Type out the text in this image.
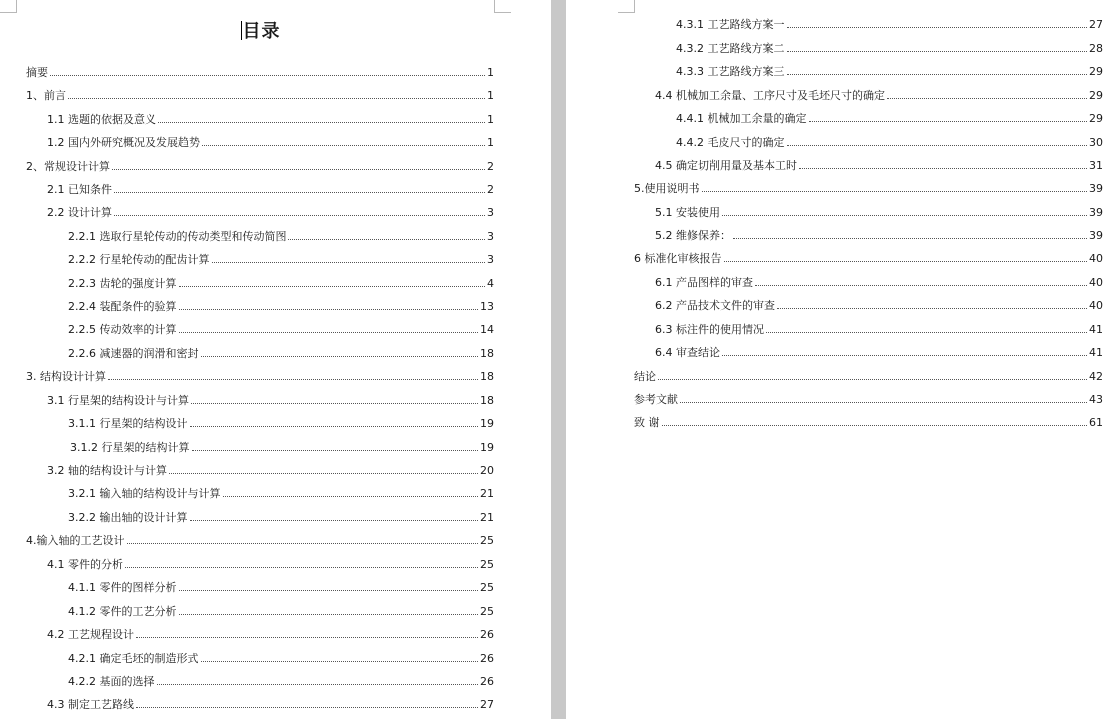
目录
摘要	1
1、前言	1
1.1 选题的依据及意义	1
1.2 国内外研究概况及发展趋势	1
2、常规设计计算	2
2.1 已知条件	2
2.2 设计计算	3
2.2.1 选取行星轮传动的传动类型和传动简图	3
2.2.2 行星轮传动的配齿计算	3
2.2.3 齿轮的强度计算	4
2.2.4 装配条件的验算	13
2.2.5 传动效率的计算	14
2.2.6 减速器的润滑和密封	18
3. 结构设计计算	18
3.1 行星架的结构设计与计算	18
3.1.1 行星架的结构设计	19
3.1.2 行星架的结构计算	19
3.2 轴的结构设计与计算	20
3.2.1 输入轴的结构设计与计算	21
3.2.2 输出轴的设计计算	21
4.输入轴的工艺设计	25
4.1 零件的分析	25
4.1.1 零件的图样分析	25
4.1.2 零件的工艺分析	25
4.2 工艺规程设计	26
4.2.1 确定毛坯的制造形式	26
4.2.2 基面的选择	26
4.3 制定工艺路线	27
4.3.1 工艺路线方案一	27
4.3.2 工艺路线方案二	28
4.3.3 工艺路线方案三	29
4.4 机械加工余量、工序尺寸及毛坯尺寸的确定	29
4.4.1 机械加工余量的确定	29
4.4.2 毛皮尺寸的确定	30
4.5 确定切削用量及基本工时	31
5.使用说明书	39
5.1 安装使用	39
5.2 维修保养：	39
6 标准化审核报告	40
6.1 产品图样的审查	40
6.2 产品技术文件的审查	40
6.3 标注件的使用情况	41
6.4 审查结论	41
结论	42
参考文献	43
致 谢	61
